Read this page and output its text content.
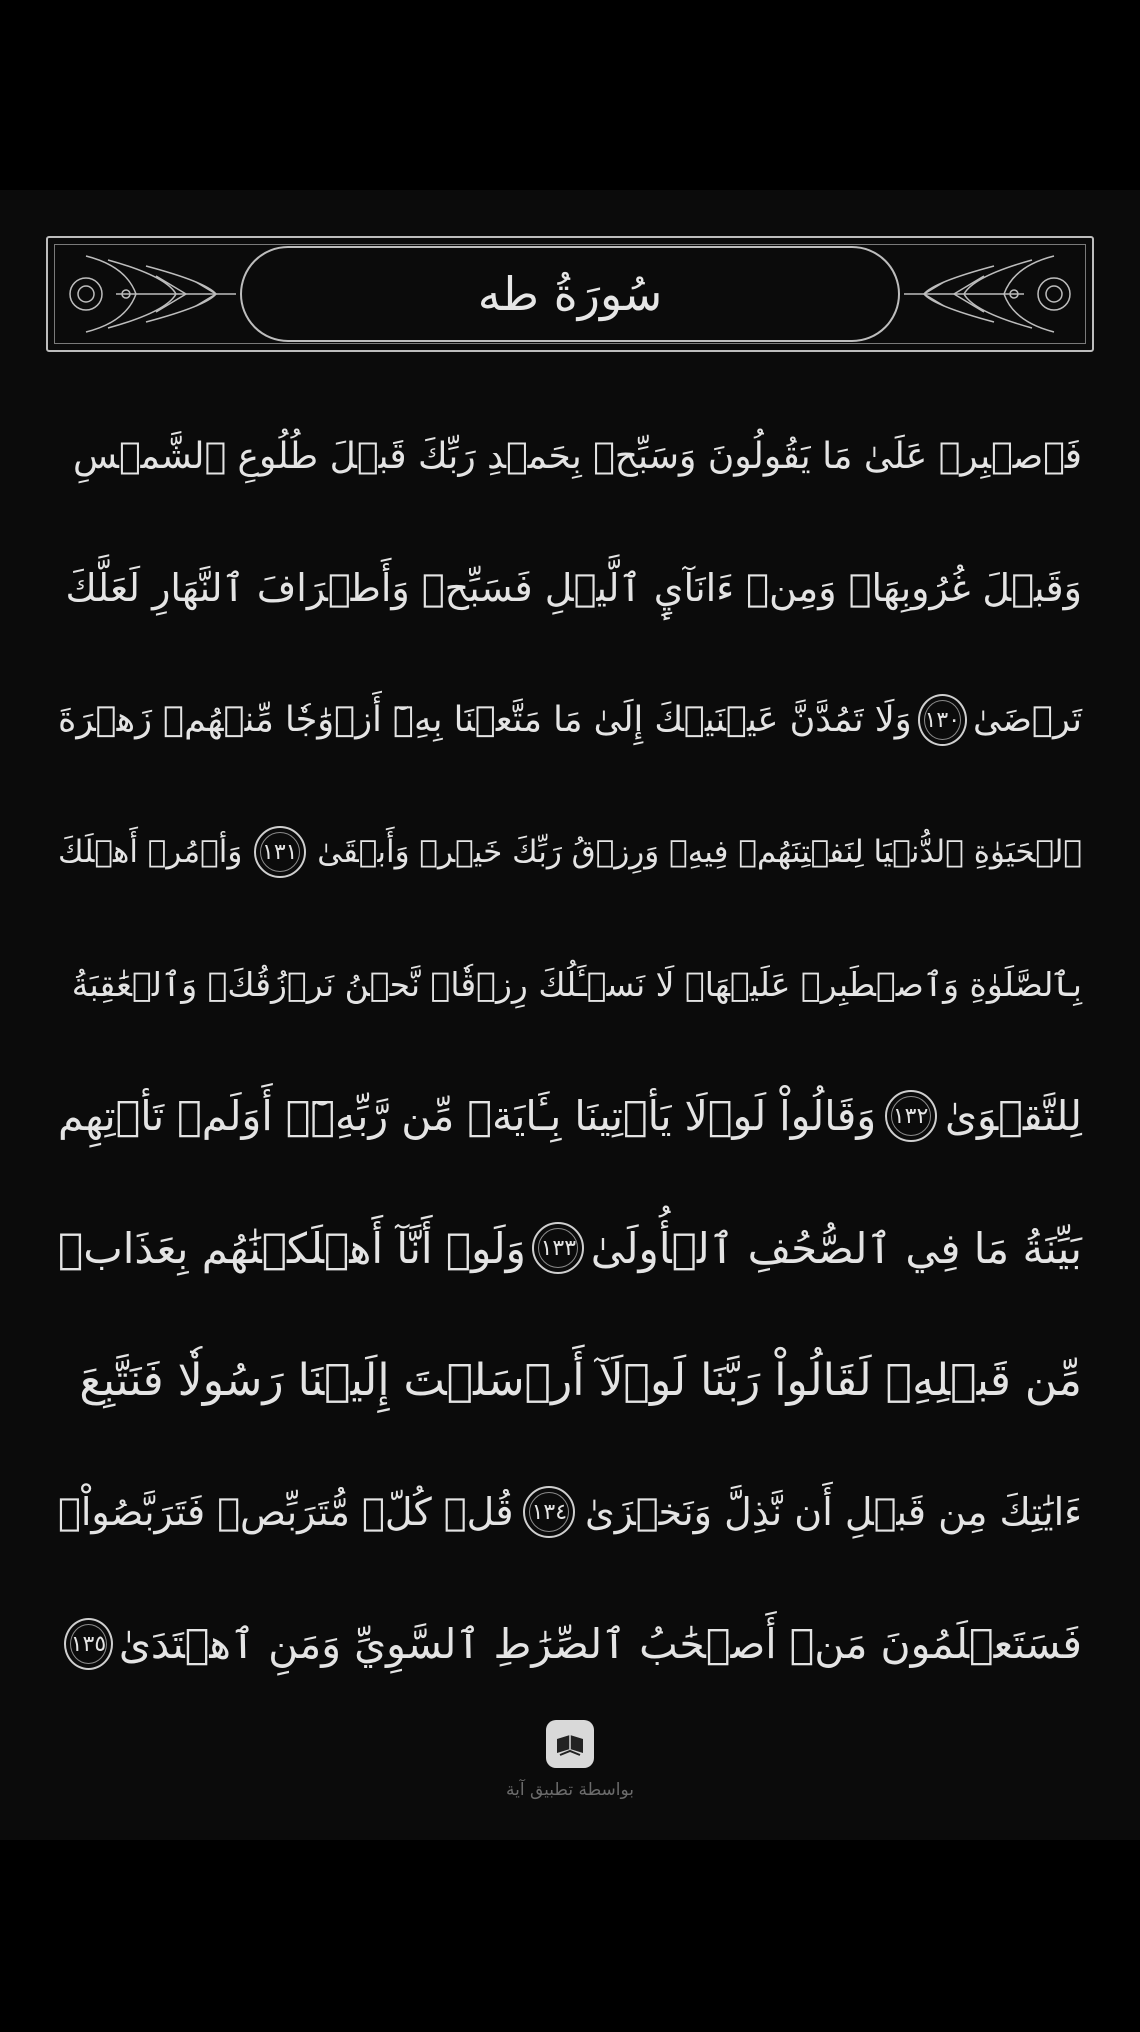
سُورَةُ طه
فَٱصۡبِرۡ عَلَىٰ مَا يَقُولُونَ وَسَبِّحۡ بِحَمۡدِ رَبِّكَ قَبۡلَ طُلُوعِ ٱلشَّمۡسِ
وَقَبۡلَ غُرُوبِهَاۖ وَمِنۡ ءَانَآيِٕ ٱلَّيۡلِ فَسَبِّحۡ وَأَطۡرَافَ ٱلنَّهَارِ لَعَلَّكَ
تَرۡضَىٰ
١٣٠
وَلَا تَمُدَّنَّ عَيۡنَيۡكَ إِلَىٰ مَا مَتَّعۡنَا بِهِۦٓ أَزۡوَٰجٗا مِّنۡهُمۡ زَهۡرَةَ
ٱلۡحَيَوٰةِ ٱلدُّنۡيَا لِنَفۡتِنَهُمۡ فِيهِۚ وَرِزۡقُ رَبِّكَ خَيۡرٞ وَأَبۡقَىٰ
١٣١
وَأۡمُرۡ أَهۡلَكَ
بِٱلصَّلَوٰةِ وَٱصۡطَبِرۡ عَلَيۡهَاۖ لَا نَسۡـَٔلُكَ رِزۡقٗاۖ نَّحۡنُ نَرۡزُقُكَۗ وَٱلۡعَٰقِبَةُ
لِلتَّقۡوَىٰ
١٣٢
وَقَالُواْ لَوۡلَا يَأۡتِينَا بِـَٔايَةٖ مِّن رَّبِّهِۦٓۚ أَوَلَمۡ تَأۡتِهِم
بَيِّنَةُ مَا فِي ٱلصُّحُفِ ٱلۡأُولَىٰ
١٣٣
وَلَوۡ أَنَّآ أَهۡلَكۡنَٰهُم بِعَذَابٖ
مِّن قَبۡلِهِۦ لَقَالُواْ رَبَّنَا لَوۡلَآ أَرۡسَلۡتَ إِلَيۡنَا رَسُولٗا فَنَتَّبِعَ
ءَايَٰتِكَ مِن قَبۡلِ أَن نَّذِلَّ وَنَخۡزَىٰ
١٣٤
قُلۡ كُلّٞ مُّتَرَبِّصٞ فَتَرَبَّصُواْۖ
فَسَتَعۡلَمُونَ مَنۡ أَصۡحَٰبُ ٱلصِّرَٰطِ ٱلسَّوِيِّ وَمَنِ ٱهۡتَدَىٰ
١٣٥
بواسطة تطبيق آية
